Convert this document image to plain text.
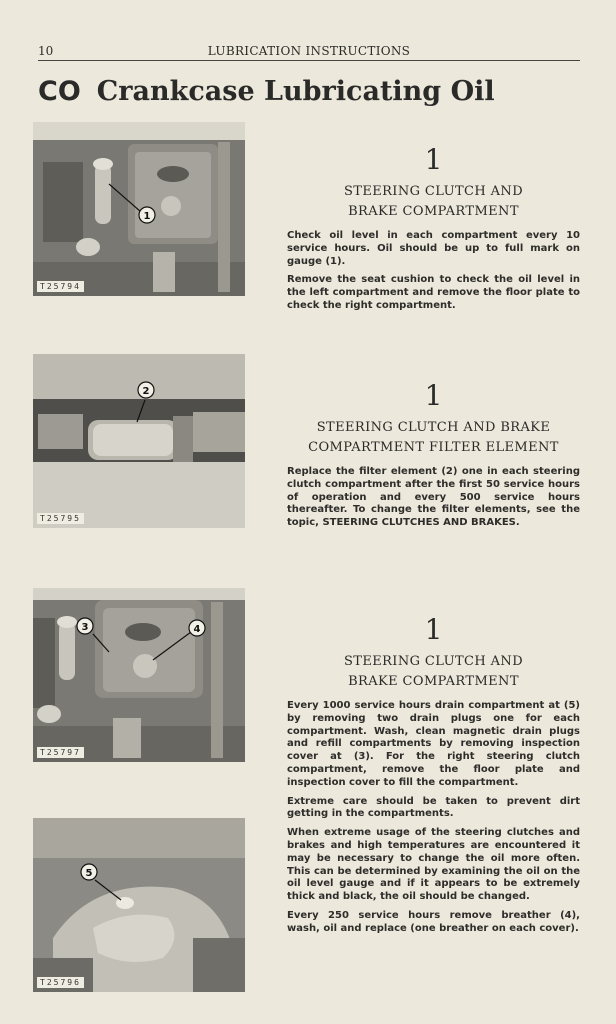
10	LUBRICATION INSTRUCTIONS
CO Crankcase Lubricating Oil
1
T25794
2
T25795
3	4
T25797
5
T25796
1
STEERING CLUTCH AND
BRAKE COMPARTMENT

Check oil level in each compartment every 10 service hours. Oil should be up to full mark on gauge (1).

Remove the seat cushion to check the oil level in the left compartment and remove the floor plate to check the right compartment.

1
STEERING CLUTCH AND BRAKE
COMPARTMENT FILTER ELEMENT

Replace the filter element (2) one in each steering clutch compartment after the first 50 service hours of operation and every 500 service hours thereafter. To change the filter elements, see the topic, STEERING CLUTCHES AND BRAKES.

1
STEERING CLUTCH AND
BRAKE COMPARTMENT

Every 1000 service hours drain compartment at (5) by removing two drain plugs one for each compartment. Wash, clean magnetic drain plugs and refill compartments by removing inspection cover at (3). For the right steering clutch compartment, remove the floor plate and inspection cover to fill the compartment.

Extreme care should be taken to prevent dirt getting in the compartments.

When extreme usage of the steering clutches and brakes and high temperatures are encountered it may be necessary to change the oil more often. This can be determined by examining the oil on the oil level gauge and if it appears to be extremely thick and black, the oil should be changed.

Every 250 service hours remove breather (4), wash, oil and replace (one breather on each cover).
